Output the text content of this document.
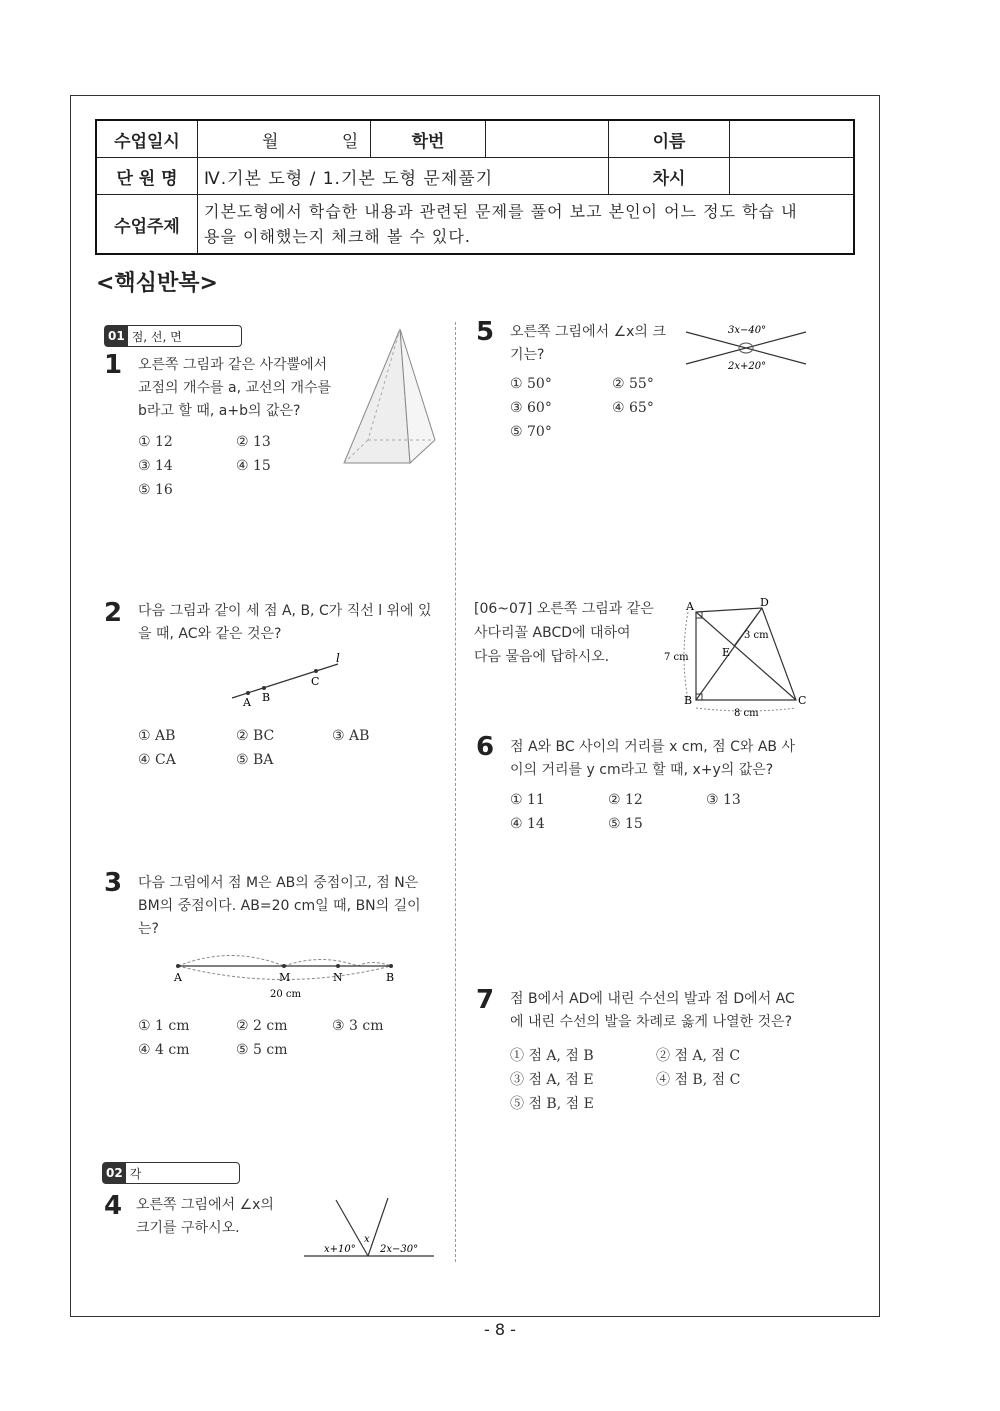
수업일시	월 일	학번		이름	
단 원 명	Ⅳ.기본 도형 / 1.기본 도형 문제풀기			차시	
수업주제	기본도형에서 학습한 내용과 관련된 문제를 풀어 보고 본인이 어느 정도 학습 내
용을 이해했는지 체크해 볼 수 있다.				
<핵심반복>
01 점, 선, 면
1 오른쪽 그림과 같은 사각뿔에서
교점의 개수를 a, 교선의 개수를
b라고 할 때, a+b의 값은?
① 12	② 13
③ 14	④ 15
⑤ 16
2 다음 그림과 같이 세 점 A, B, C가 직선 l 위에 있
을 때, AC와 같은 것은?
A B
C
l
① AB	② BC	③ AB
④ CA	⑤ BA
3 다음 그림에서 점 M은 AB의 중점이고, 점 N은
BM의 중점이다. AB=20 cm일 때, BN의 길이
는?
A	M	N	B
20 cm
① 1 cm	② 2 cm	③ 3 cm
④ 4 cm	⑤ 5 cm
02 각
4 오른쪽 그림에서 ∠x의
크기를 구하시오.
x+10°
x
2x−30°
5 오른쪽 그림에서 ∠x의 크
기는?
3x−40°
2x+20°
① 50°	② 55°
③ 60°	④ 65°
⑤ 70°
[06~07] 오른쪽 그림과 같은
사다리꼴 ABCD에 대하여
다음 물음에 답하시오.
A	D
B	C
E
7 cm
8 cm
3 cm
6 점 A와 BC 사이의 거리를 x cm, 점 C와 AB 사
이의 거리를 y cm라고 할 때, x+y의 값은?
① 11	② 12	③ 13
④ 14	⑤ 15
7 점 B에서 AD에 내린 수선의 발과 점 D에서 AC
에 내린 수선의 발을 차례로 옳게 나열한 것은?
① 점 A, 점 B	② 점 A, 점 C
③ 점 A, 점 E	④ 점 B, 점 C
⑤ 점 B, 점 E
- 8 -
